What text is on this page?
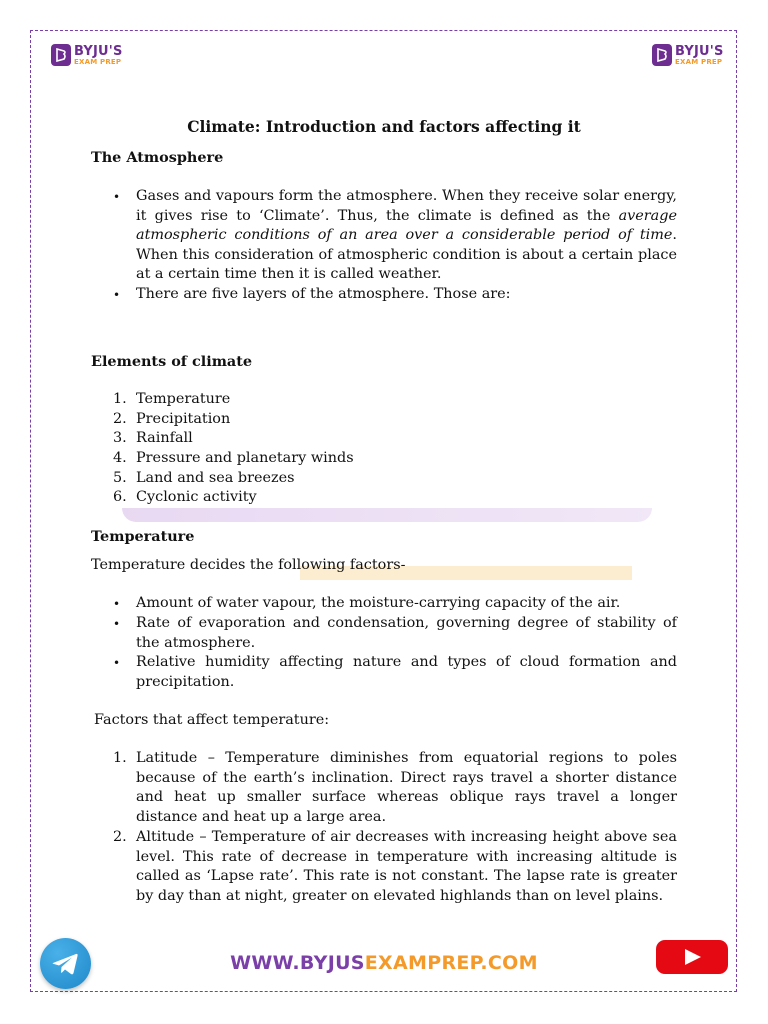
BYJU'S
EXAM PREP
BYJU'S
EXAM PREP
Climate: Introduction and factors affecting it
The Atmosphere
• Gases and vapours form the atmosphere. When they receive solar energy, it gives rise to ‘Climate’. Thus, the climate is defined as the average atmospheric conditions of an area over a considerable period of time. When this consideration of atmospheric condition is about a certain place at a certain time then it is called weather.
• There are five layers of the atmosphere. Those are:
Elements of climate
1. Temperature
2. Precipitation
3. Rainfall
4. Pressure and planetary winds
5. Land and sea breezes
6. Cyclonic activity
Temperature
Temperature decides the following factors-
• Amount of water vapour, the moisture-carrying capacity of the air.
• Rate of evaporation and condensation, governing degree of stability of the atmosphere.
• Relative humidity affecting nature and types of cloud formation and precipitation.
Factors that affect temperature:
1. Latitude – Temperature diminishes from equatorial regions to poles because of the earth’s inclination. Direct rays travel a shorter distance and heat up smaller surface whereas oblique rays travel a longer distance and heat up a large area.
2. Altitude – Temperature of air decreases with increasing height above sea level. This rate of decrease in temperature with increasing altitude is called as ‘Lapse rate’. This rate is not constant. The lapse rate is greater by day than at night, greater on elevated highlands than on level plains.
WWW.BYJUSEXAMPREP.COM
